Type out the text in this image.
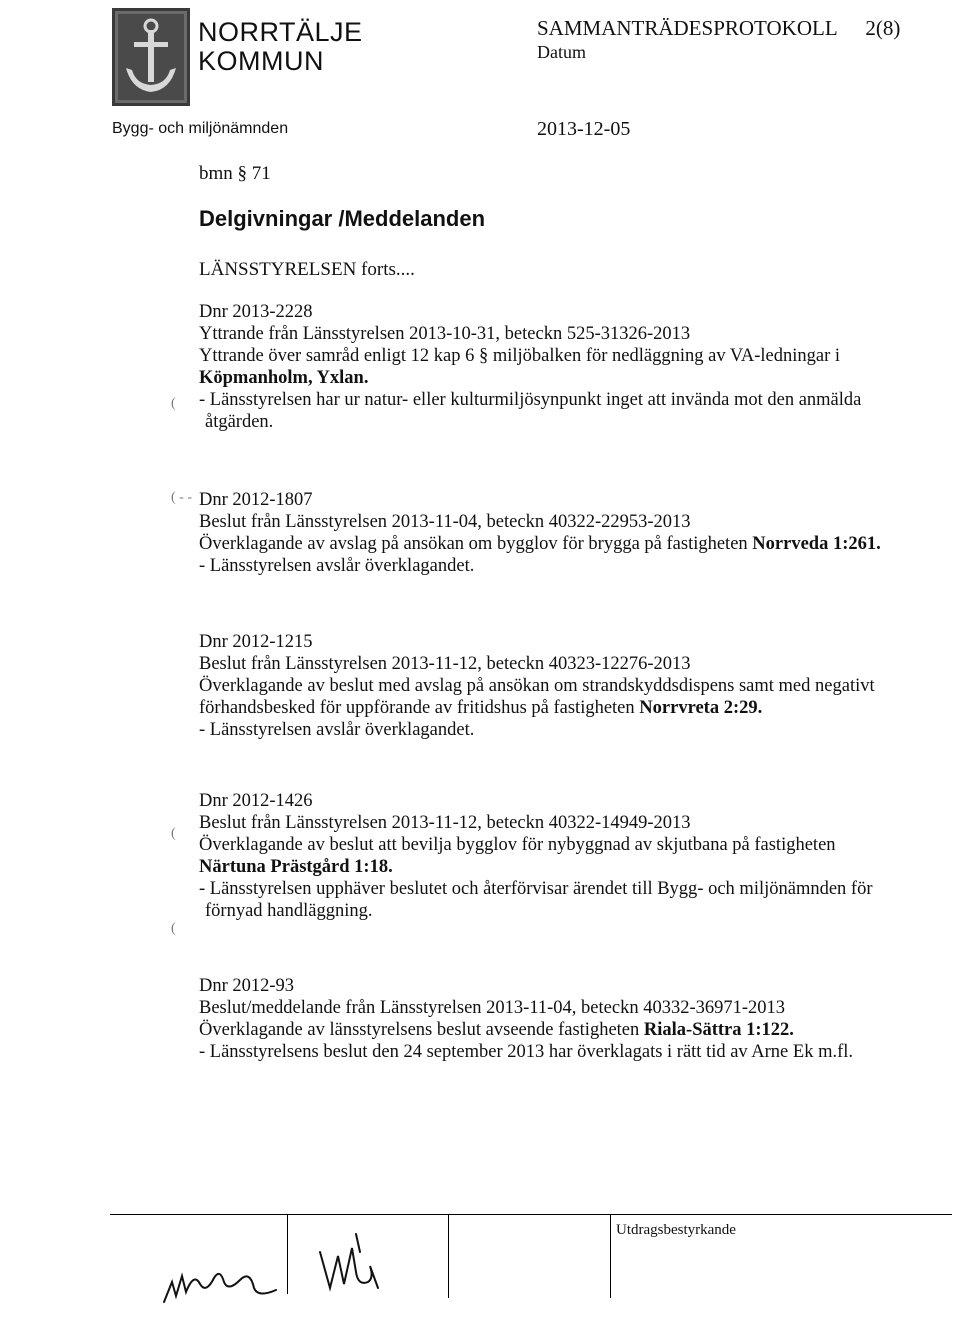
NORRTÄLJE
KOMMUN
SAMMANTRÄDESPROTOKOLL 2(8)
Datum
Bygg- och miljönämnden	2013-12-05
bmn § 71
Delgivningar /Meddelanden
LÄNSSTYRELSEN forts....
Dnr 2013-2228
Yttrande från Länsstyrelsen 2013-10-31, beteckn 525-31326-2013
Yttrande över samråd enligt 12 kap 6 § miljöbalken för nedläggning av VA-ledningar i
Köpmanholm, Yxlan.
- Länsstyrelsen har ur natur- eller kulturmiljösynpunkt inget att invända mot den anmälda
åtgärden.
Dnr 2012-1807
Beslut från Länsstyrelsen 2013-11-04, beteckn 40322-22953-2013
Överklagande av avslag på ansökan om bygglov för brygga på fastigheten Norrveda 1:261.
- Länsstyrelsen avslår överklagandet.
Dnr 2012-1215
Beslut från Länsstyrelsen 2013-11-12, beteckn 40323-12276-2013
Överklagande av beslut med avslag på ansökan om strandskyddsdispens samt med negativt
förhandsbesked för uppförande av fritidshus på fastigheten Norrvreta 2:29.
- Länsstyrelsen avslår överklagandet.
Dnr 2012-1426
Beslut från Länsstyrelsen 2013-11-12, beteckn 40322-14949-2013
Överklagande av beslut att bevilja bygglov för nybyggnad av skjutbana på fastigheten
Närtuna Prästgård 1:18.
- Länsstyrelsen upphäver beslutet och återförvisar ärendet till Bygg- och miljönämnden för
förnyad handläggning.
Dnr 2012-93
Beslut/meddelande från Länsstyrelsen 2013-11-04, beteckn 40332-36971-2013
Överklagande av länsstyrelsens beslut avseende fastigheten Riala-Sättra 1:122.
- Länsstyrelsens beslut den 24 september 2013 har överklagats i rätt tid av Arne Ek m.fl.
(
( - -
(
(
Utdragsbestyrkande
